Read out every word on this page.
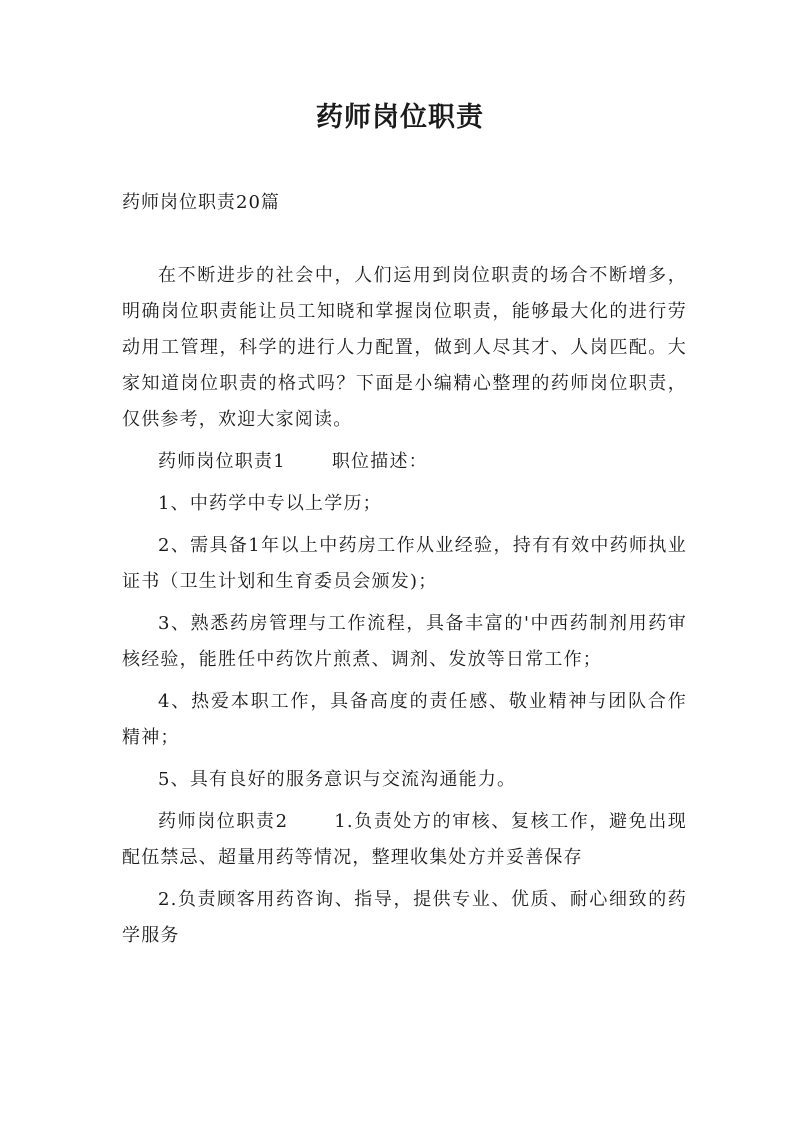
药师岗位职责

药师岗位职责20篇

在不断进步的社会中，人们运用到岗位职责的场合不断增多，明确岗位职责能让员工知晓和掌握岗位职责，能够最大化的进行劳动用工管理，科学的进行人力配置，做到人尽其才、人岗匹配。大家知道岗位职责的格式吗？下面是小编精心整理的药师岗位职责，仅供参考，欢迎大家阅读。

药师岗位职责1	职位描述：

1、中药学中专以上学历；

2、需具备1年以上中药房工作从业经验，持有有效中药师执业证书（卫生计划和生育委员会颁发)；

3、熟悉药房管理与工作流程，具备丰富的'中西药制剂用药审核经验，能胜任中药饮片煎煮、调剂、发放等日常工作；

4、热爱本职工作，具备高度的责任感、敬业精神与团队合作精神；

5、具有良好的服务意识与交流沟通能力。

药师岗位职责2	1.负责处方的审核、复核工作，避免出现配伍禁忌、超量用药等情况，整理收集处方并妥善保存

2.负责顾客用药咨询、指导，提供专业、优质、耐心细致的药学服务
